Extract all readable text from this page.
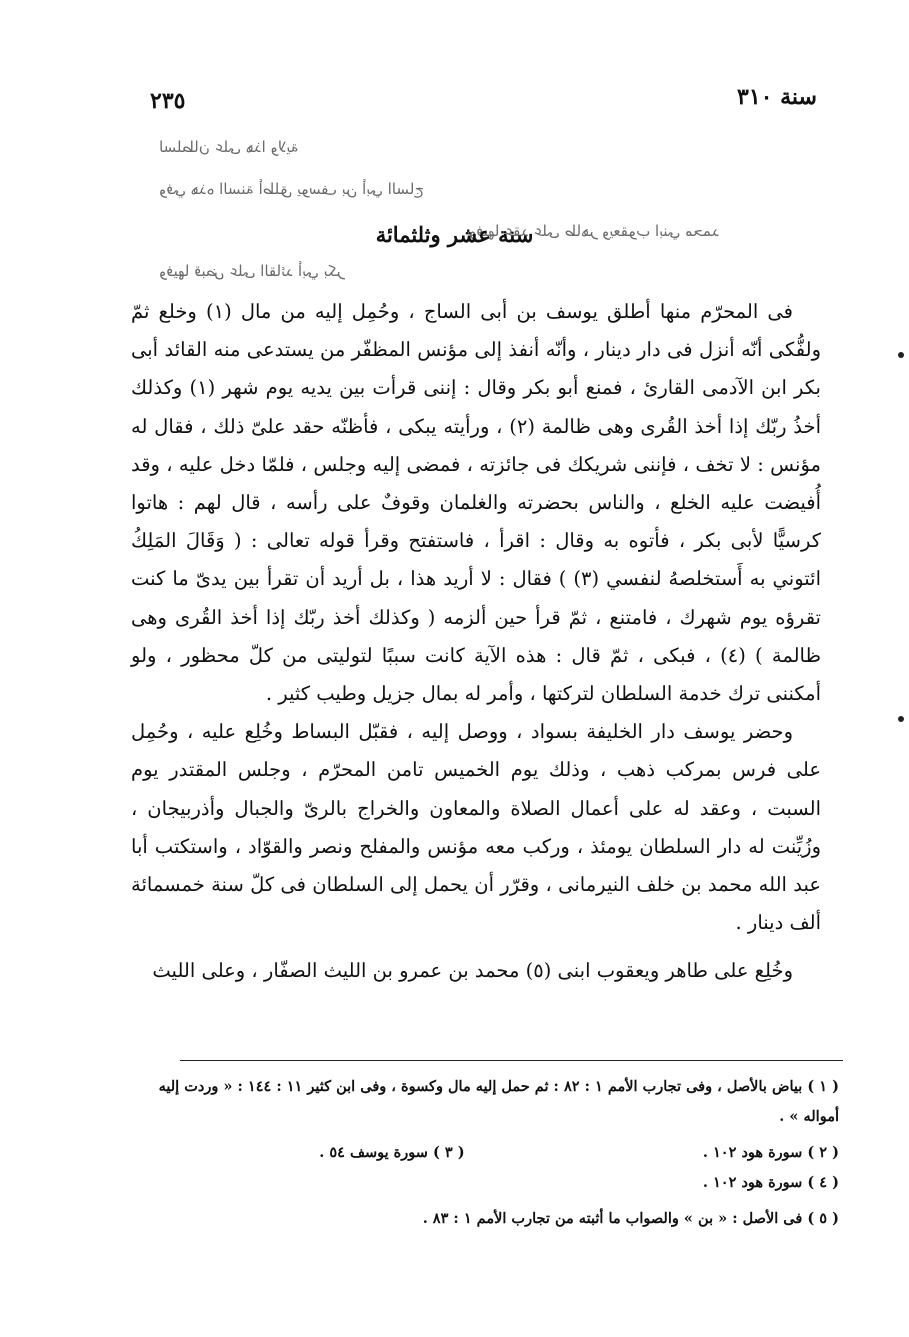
سنة ٣١٠
٢٣٥
لسلطان على هذا ولاية
وفي هذه السنة أطلق يوسف بن أبي الساج
وفيها عقد على طاهر ويعقوب ابني محمد
وفيها قبض على القائد أبي بكر
سنة عشر وثلثمائة

فى المحرّم منها أطلق يوسف بن أبى الساج ، وحُمِل إليه من مال (١) وخلع ثمّ ولفُّكى أنّه أنزل فى دار دينار ، وأنّه أنفذ إلى مؤنس المظفّر من يستدعى منه القائد أبى بكر ابن الآدمى القارئ ، فمنع أبو بكر وقال : إننى قرأت بين يديه يوم شهر (١) وكذلك أخذُ ربّك إذا أخذ القُرى وهى ظالمة (٢) ، ورأيته يبكى ، فأظنّه حقد علىّ ذلك ، فقال له مؤنس : لا تخف ، فإننى شريكك فى جائزته ، فمضى إليه وجلس ، فلمّا دخل عليه ، وقد أُفيضت عليه الخلع ، والناس بحضرته والغلمان وقوفٌ على رأسه ، قال لهم : هاتوا كرسيًّا لأبى بكر ، فأتوه به وقال : اقرأ ، فاستفتح وقرأ قوله تعالى : ( وَقَالَ المَلِكُ ائتوني به أَستخلصهُ لنفسي (٣) ) فقال : لا أريد هذا ، بل أريد أن تقرأ بين يدىّ ما كنت تقرؤه يوم شهرك ، فامتنع ، ثمّ قرأ حين ألزمه ( وكذلك أخذ ربّك إذا أخذ القُرى وهى ظالمة ) (٤) ، فبكى ، ثمّ قال : هذه الآية كانت سببًا لتوليتى من كلّ محظور ، ولو أمكننى ترك خدمة السلطان لتركتها ، وأمر له بمال جزيل وطيب كثير .

وحضر يوسف دار الخليفة بسواد ، ووصل إليه ، فقبّل البساط وخُلِع عليه ، وحُمِل على فرس بمركب ذهب ، وذلك يوم الخميس تامن المحرّم ، وجلس المقتدر يوم السبت ، وعقد له على أعمال الصلاة والمعاون والخراج بالرىّ والجبال وأذربيجان ، وزُيِّنت له دار السلطان يومئذ ، وركب معه مؤنس والمفلح ونصر والقوّاد ، واستكتب أبا عبد الله محمد بن خلف النيرمانى ، وقرّر أن يحمل إلى السلطان فى كلّ سنة خمسمائة ألف دينار .

وخُلِع على طاهر ويعقوب ابنى (٥) محمد بن عمرو بن الليث الصفّار ، وعلى الليث

( ١ ) بياض بالأصل ، وفى تجارب الأمم ١ : ٨٢ : ثم حمل إليه مال وكسوة ، وفى ابن كثير ١١ : ١٤٤ : « وردت إليه أمواله » .

( ٢ ) سورة هود ١٠٢ .
( ٣ ) سورة يوسف ٥٤ .
( ٤ ) سورة هود ١٠٢ .

( ٥ ) فى الأصل : « بن » والصواب ما أثبته من تجارب الأمم ١ : ٨٣ .
